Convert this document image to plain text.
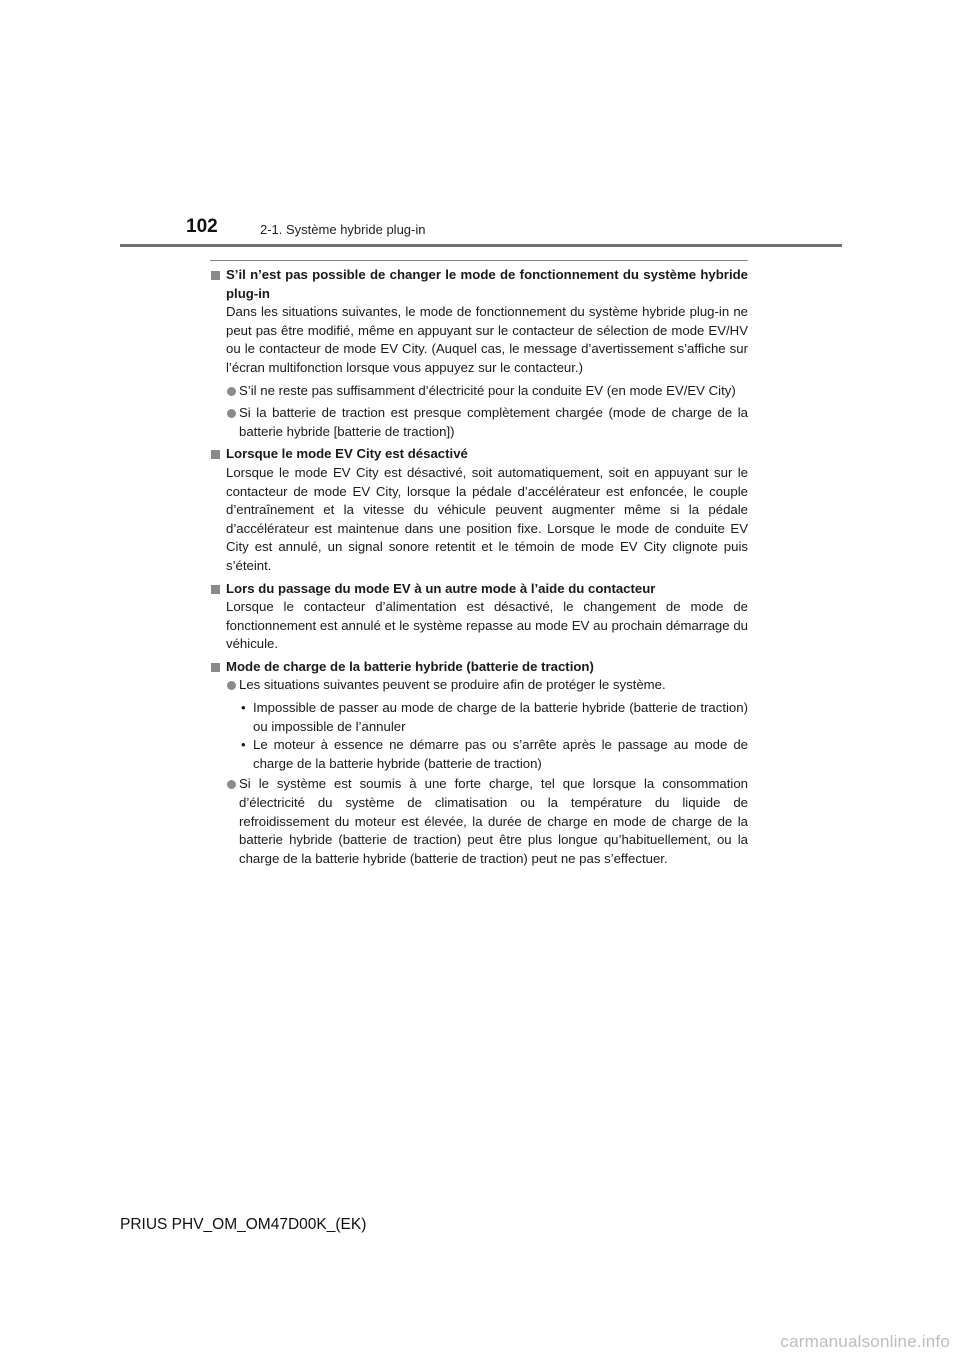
102	2-1. Système hybride plug-in
S’il n’est pas possible de changer le mode de fonctionnement du système hybride plug-in

Dans les situations suivantes, le mode de fonctionnement du système hybride plug-in ne peut pas être modifié, même en appuyant sur le contacteur de sélection de mode EV/HV ou le contacteur de mode EV City. (Auquel cas, le message d’avertissement s’affiche sur l’écran multifonction lorsque vous appuyez sur le contacteur.)

S’il ne reste pas suffisamment d’électricité pour la conduite EV (en mode EV/EV City)
Si la batterie de traction est presque complètement chargée (mode de charge de la batterie hybride [batterie de traction])
Lorsque le mode EV City est désactivé

Lorsque le mode EV City est désactivé, soit automatiquement, soit en appuyant sur le contacteur de mode EV City, lorsque la pédale d’accélérateur est enfoncée, le couple d’entraînement et la vitesse du véhicule peuvent augmenter même si la pédale d’accélérateur est maintenue dans une position fixe. Lorsque le mode de conduite EV City est annulé, un signal sonore retentit et le témoin de mode EV City clignote puis s’éteint.

Lors du passage du mode EV à un autre mode à l’aide du contacteur

Lorsque le contacteur d’alimentation est désactivé, le changement de mode de fonctionnement est annulé et le système repasse au mode EV au prochain démarrage du véhicule.

Mode de charge de la batterie hybride (batterie de traction)
Les situations suivantes peuvent se produire afin de protéger le système.
• Impossible de passer au mode de charge de la batterie hybride (batterie de traction) ou impossible de l’annuler
• Le moteur à essence ne démarre pas ou s’arrête après le passage au mode de charge de la batterie hybride (batterie de traction)
Si le système est soumis à une forte charge, tel que lorsque la consommation d’électricité du système de climatisation ou la température du liquide de refroidissement du moteur est élevée, la durée de charge en mode de charge de la batterie hybride (batterie de traction) peut être plus longue qu’habituellement, ou la charge de la batterie hybride (batterie de traction) peut ne pas s’effectuer.
PRIUS PHV_OM_OM47D00K_(EK)
carmanualsonline.info
